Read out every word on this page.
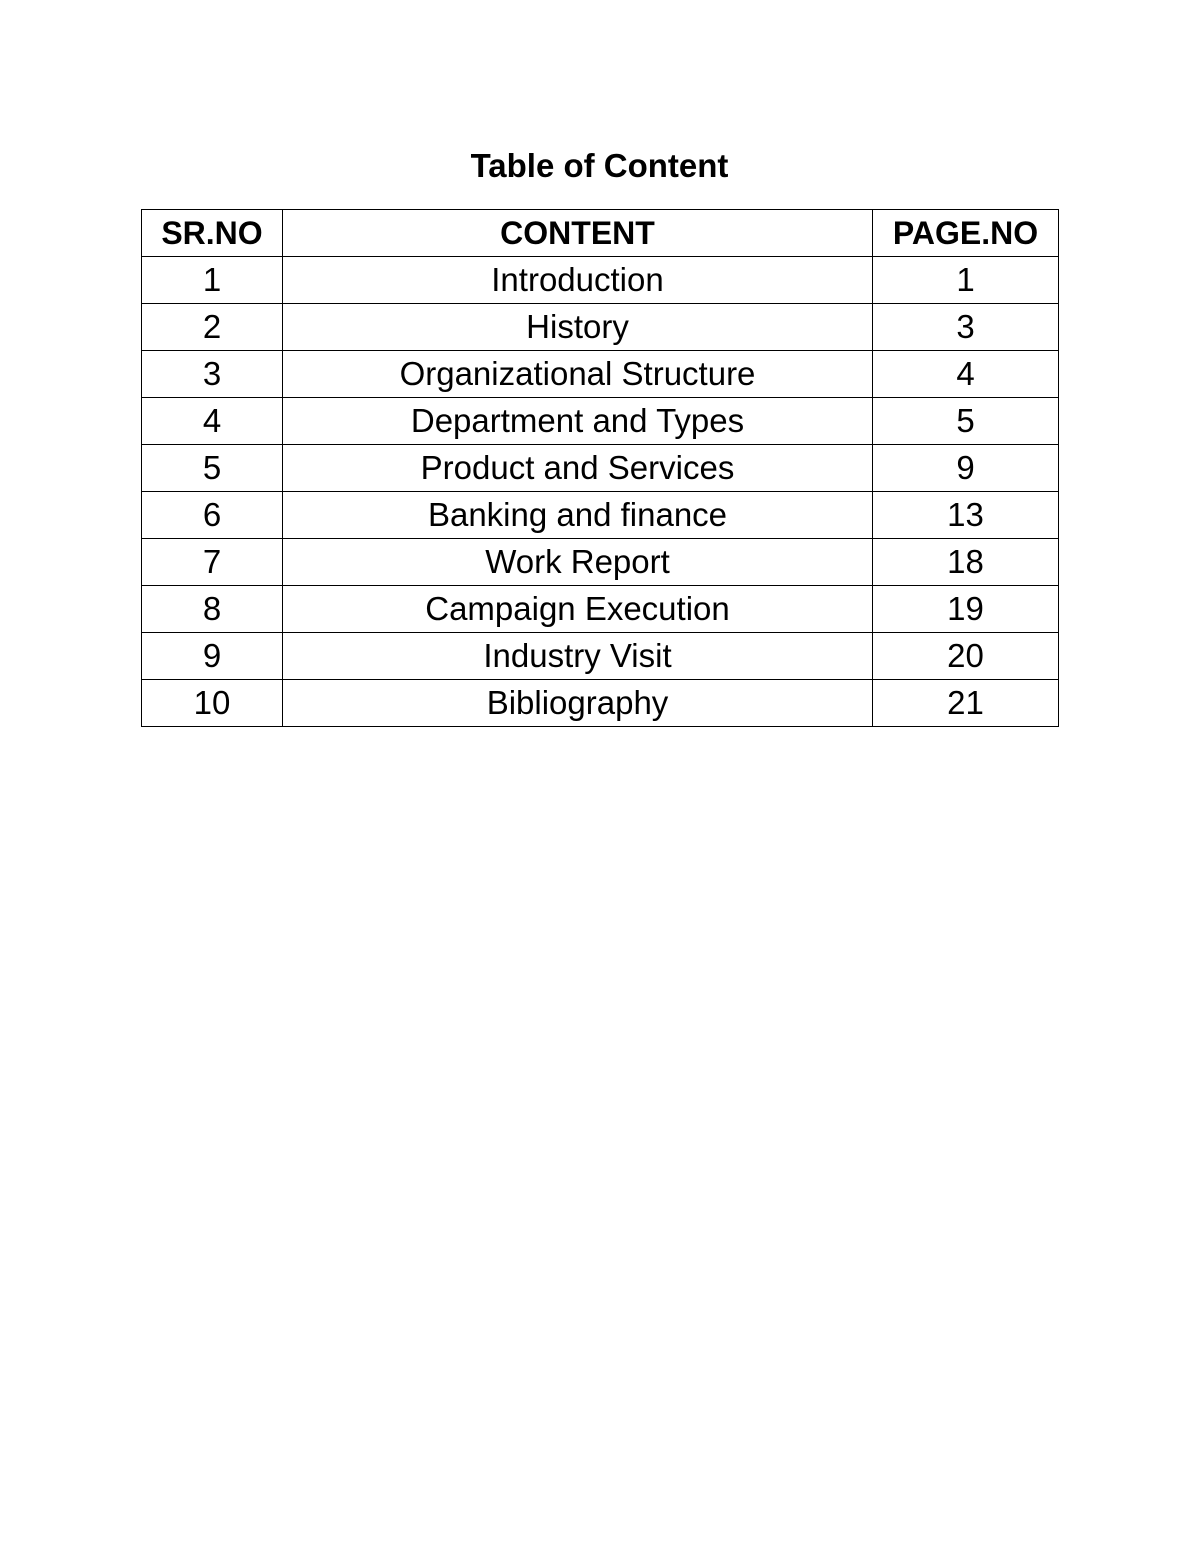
Table of Content
SR.NO	CONTENT	PAGE.NO
1	Introduction	1
2	History	3
3	Organizational Structure	4
4	Department and Types	5
5	Product and Services	9
6	Banking and finance	13
7	Work Report	18
8	Campaign Execution	19
9	Industry Visit	20
10	Bibliography	21
